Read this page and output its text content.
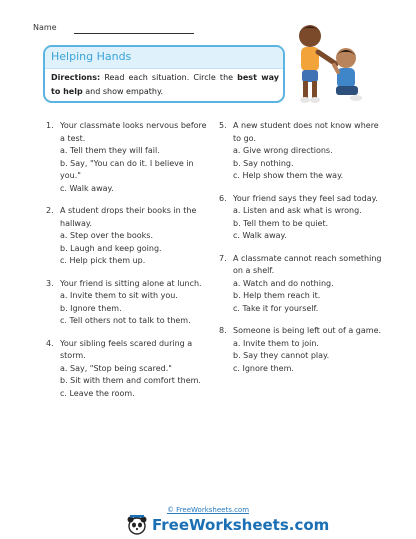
Name
Helping Hands
Directions: Read each situation. Circle the best way to help and show empathy.
1. Your classmate looks nervous before a test.
a. Tell them they will fail.
b. Say, "You can do it. I believe in you."
c. Walk away.
2. A student drops their books in the hallway.
a. Step over the books.
b. Laugh and keep going.
c. Help pick them up.
3. Your friend is sitting alone at lunch.
a. Invite them to sit with you.
b. Ignore them.
c. Tell others not to talk to them.
4. Your sibling feels scared during a storm.
a. Say, "Stop being scared."
b. Sit with them and comfort them.
c. Leave the room.
5. A new student does not know where to go.
a. Give wrong directions.
b. Say nothing.
c. Help show them the way.
6. Your friend says they feel sad today.
a. Listen and ask what is wrong.
b. Tell them to be quiet.
c. Walk away.
7. A classmate cannot reach something on a shelf.
a. Watch and do nothing.
b. Help them reach it.
c. Take it for yourself.
8. Someone is being left out of a game.
a. Invite them to join.
b. Say they cannot play.
c. Ignore them.
© FreeWorksheets.com
FreeWorksheets.com
